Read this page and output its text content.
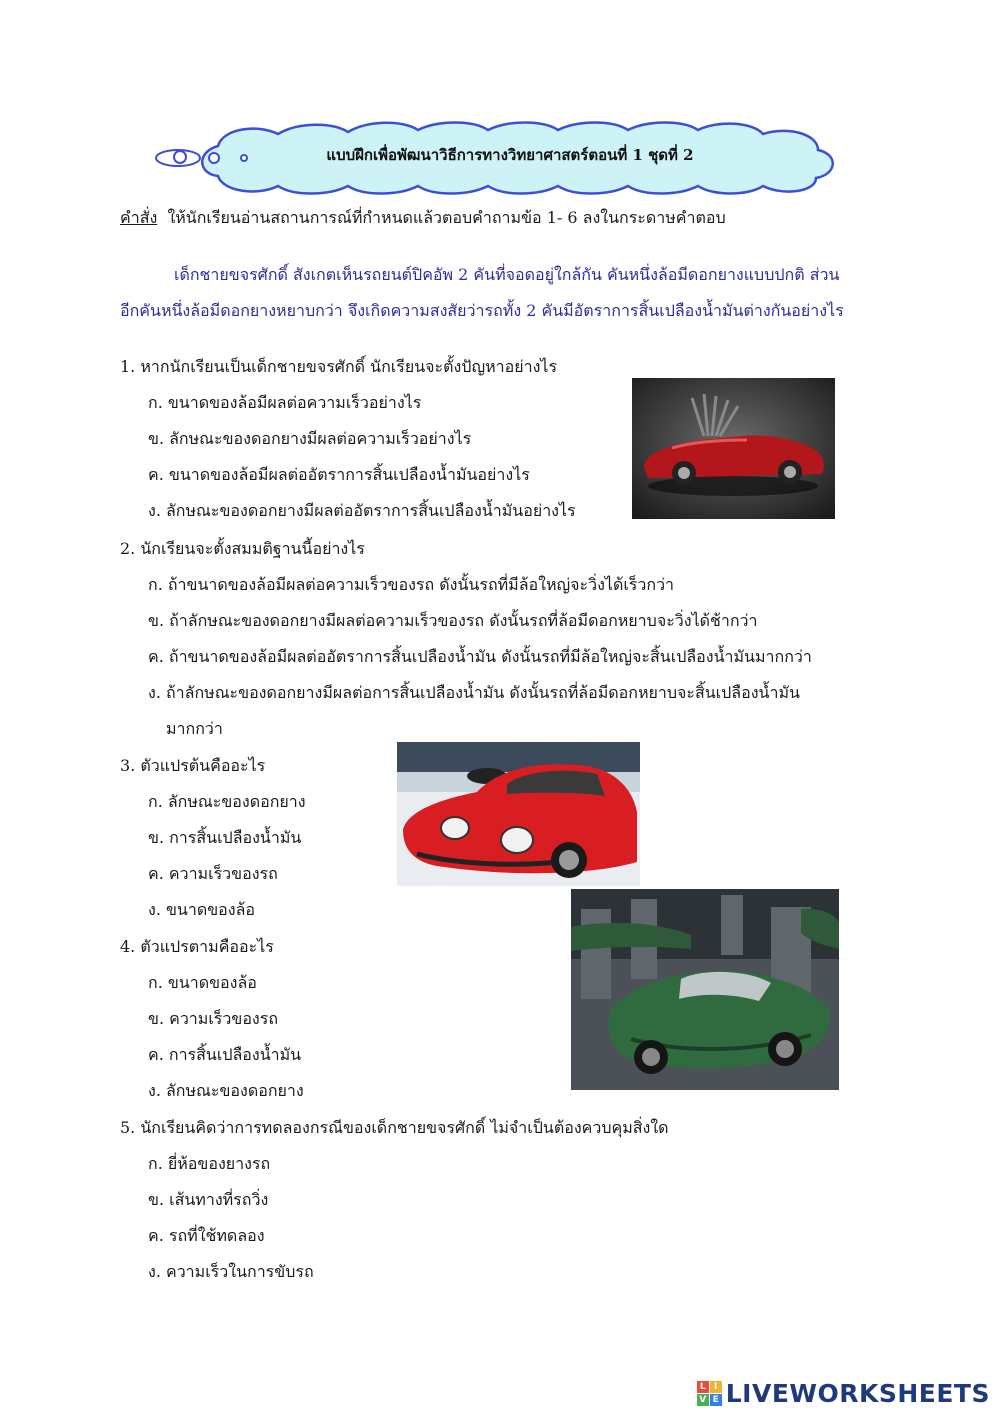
แบบฝึกเพื่อพัฒนาวิธีการทางวิทยาศาสตร์ตอนที่ 1 ชุดที่ 2
คำสั่ง ให้นักเรียนอ่านสถานการณ์ที่กำหนดแล้วตอบคำถามข้อ 1- 6 ลงในกระดาษคำตอบ
เด็กชายขจรศักดิ์ สังเกตเห็นรถยนต์ปิคอัพ 2 คันที่จอดอยู่ใกล้กัน คันหนึ่งล้อมีดอกยางแบบปกติ ส่วน
อีกคันหนึ่งล้อมีดอกยางหยาบกว่า จึงเกิดความสงสัยว่ารถทั้ง 2 คันมีอัตราการสิ้นเปลืองน้ำมันต่างกันอย่างไร
1. หากนักเรียนเป็นเด็กชายขจรศักดิ์ นักเรียนจะตั้งปัญหาอย่างไร
ก. ขนาดของล้อมีผลต่อความเร็วอย่างไร
ข. ลักษณะของดอกยางมีผลต่อความเร็วอย่างไร
ค. ขนาดของล้อมีผลต่ออัตราการสิ้นเปลืองน้ำมันอย่างไร
ง. ลักษณะของดอกยางมีผลต่ออัตราการสิ้นเปลืองน้ำมันอย่างไร
2. นักเรียนจะตั้งสมมติฐานนี้อย่างไร
ก. ถ้าขนาดของล้อมีผลต่อความเร็วของรถ ดังนั้นรถที่มีล้อใหญ่จะวิ่งได้เร็วกว่า
ข. ถ้าลักษณะของดอกยางมีผลต่อความเร็วของรถ ดังนั้นรถที่ล้อมีดอกหยาบจะวิ่งได้ช้ากว่า
ค. ถ้าขนาดของล้อมีผลต่ออัตราการสิ้นเปลืองน้ำมัน ดังนั้นรถที่มีล้อใหญ่จะสิ้นเปลืองน้ำมันมากกว่า
ง. ถ้าลักษณะของดอกยางมีผลต่อการสิ้นเปลืองน้ำมัน ดังนั้นรถที่ล้อมีดอกหยาบจะสิ้นเปลืองน้ำมัน
มากกว่า
3. ตัวแปรต้นคืออะไร
ก. ลักษณะของดอกยาง
ข. การสิ้นเปลืองน้ำมัน
ค. ความเร็วของรถ
ง. ขนาดของล้อ
4. ตัวแปรตามคืออะไร
ก. ขนาดของล้อ
ข. ความเร็วของรถ
ค. การสิ้นเปลืองน้ำมัน
ง. ลักษณะของดอกยาง
5. นักเรียนคิดว่าการทดลองกรณีของเด็กชายขจรศักดิ์ ไม่จำเป็นต้องควบคุมสิ่งใด
ก. ยี่ห้อของยางรถ
ข. เส้นทางที่รถวิ่ง
ค. รถที่ใช้ทดลอง
ง. ความเร็วในการขับรถ
L I
V E LIVEWORKSHEETS
